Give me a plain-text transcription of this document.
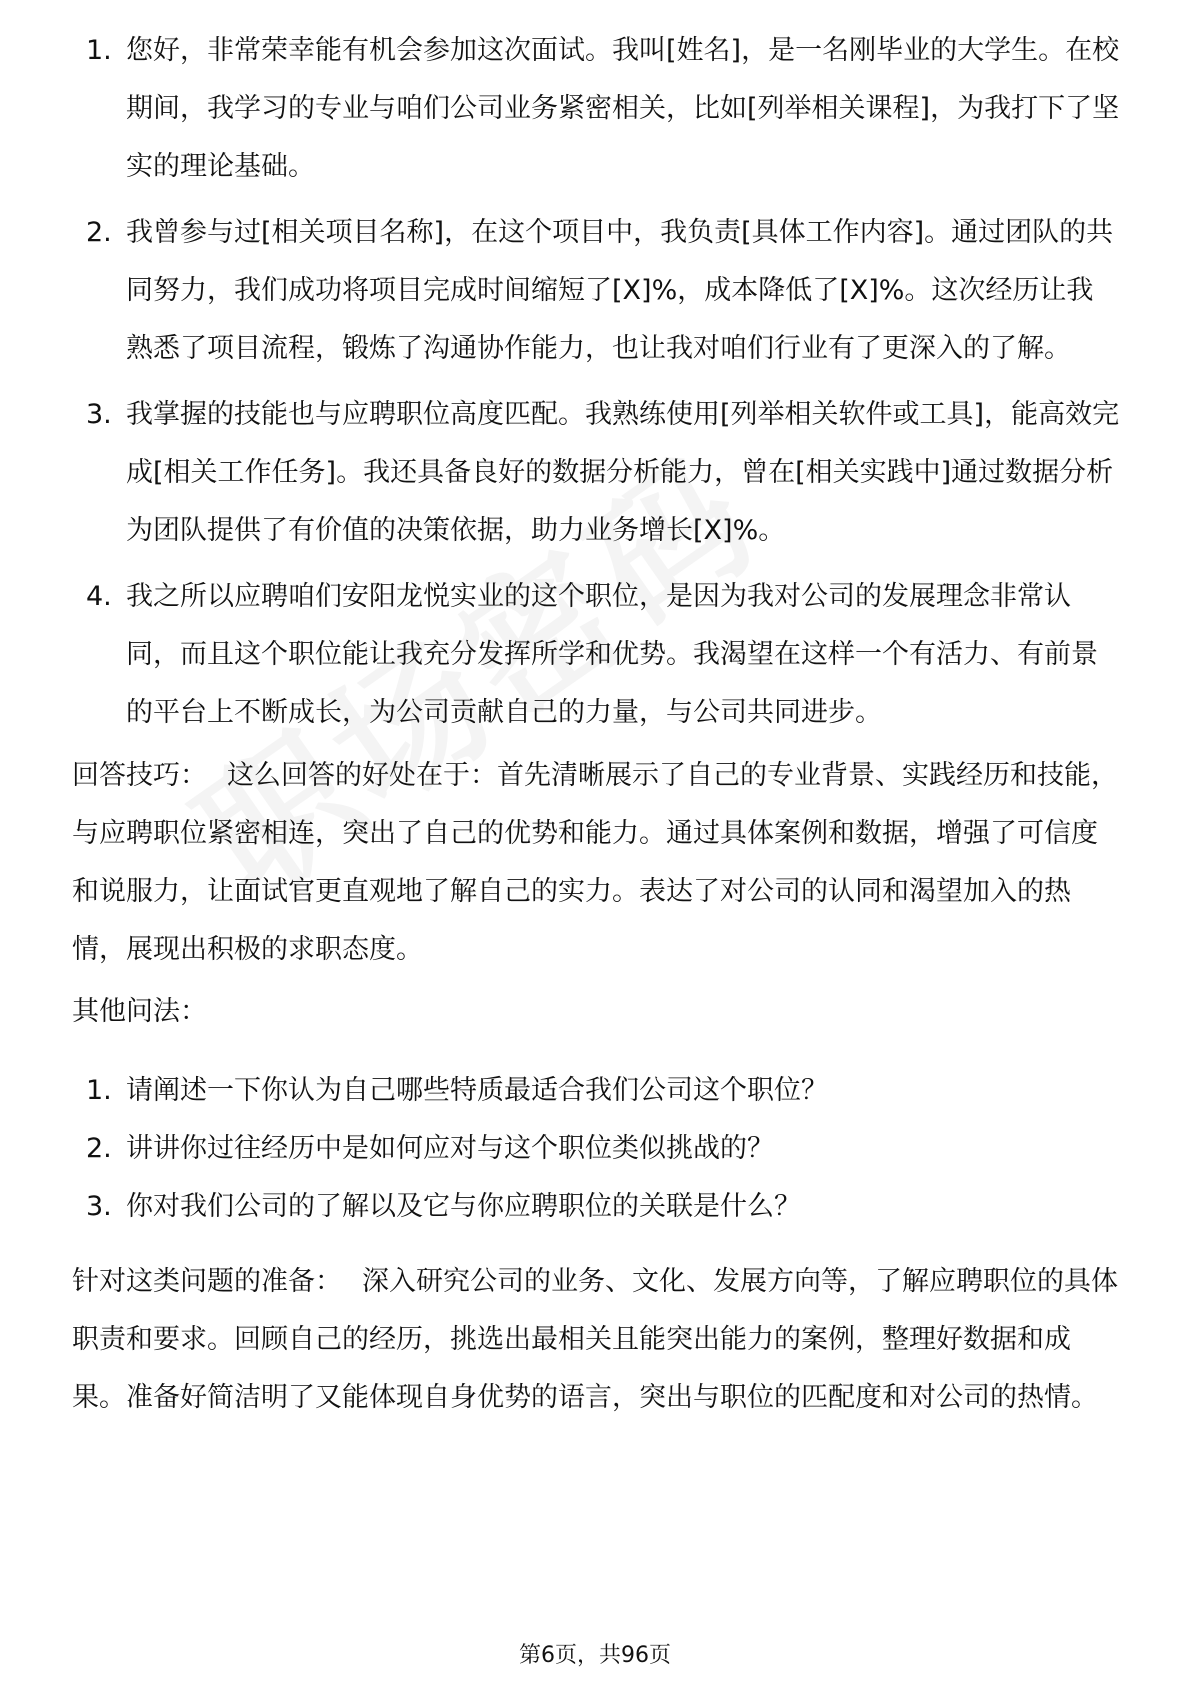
1. 您好，非常荣幸能有机会参加这次面试。我叫[姓名]，是一名刚毕业的大学生。在校期间，我学习的专业与咱们公司业务紧密相关，比如[列举相关课程]，为我打下了坚实的理论基础。
2. 我曾参与过[相关项目名称]，在这个项目中，我负责[具体工作内容]。通过团队的共同努力，我们成功将项目完成时间缩短了[X]%，成本降低了[X]%。这次经历让我熟悉了项目流程，锻炼了沟通协作能力，也让我对咱们行业有了更深入的了解。
3. 我掌握的技能也与应聘职位高度匹配。我熟练使用[列举相关软件或工具]，能高效完成[相关工作任务]。我还具备良好的数据分析能力，曾在[相关实践中]通过数据分析为团队提供了有价值的决策依据，助力业务增长[X]%。
4. 我之所以应聘咱们安阳龙悦实业的这个职位，是因为我对公司的发展理念非常认同，而且这个职位能让我充分发挥所学和优势。我渴望在这样一个有活力、有前景的平台上不断成长，为公司贡献自己的力量，与公司共同进步。

回答技巧： 这么回答的好处在于：首先清晰展示了自己的专业背景、实践经历和技能，与应聘职位紧密相连，突出了自己的优势和能力。通过具体案例和数据，增强了可信度和说服力，让面试官更直观地了解自己的实力。表达了对公司的认同和渴望加入的热情，展现出积极的求职态度。

其他问法：

1. 请阐述一下你认为自己哪些特质最适合我们公司这个职位？
2. 讲讲你过往经历中是如何应对与这个职位类似挑战的？
3. 你对我们公司的了解以及它与你应聘职位的关联是什么？

针对这类问题的准备： 深入研究公司的业务、文化、发展方向等，了解应聘职位的具体职责和要求。回顾自己的经历，挑选出最相关且能突出能力的案例，整理好数据和成果。准备好简洁明了又能体现自身优势的语言，突出与职位的匹配度和对公司的热情。

第6页，共96页
